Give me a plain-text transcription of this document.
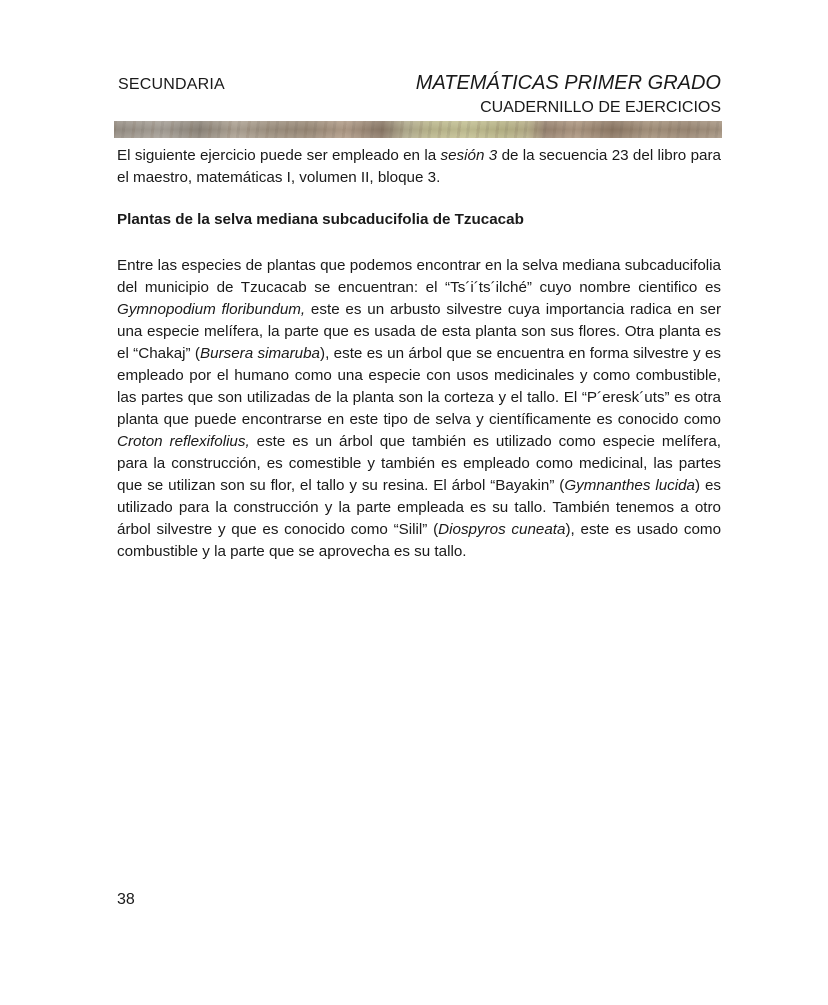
SECUNDARIA	MATEMÁTICAS PRIMER GRADO
CUADERNILLO DE EJERCICIOS
El siguiente ejercicio puede ser empleado en la sesión 3 de la secuencia 23 del libro para el maestro, matemáticas I, volumen II, bloque 3.
Plantas de la selva mediana subcaducifolia de Tzucacab
Entre las especies de plantas que podemos encontrar en la selva mediana subcaducifolia del municipio de Tzucacab se encuentran: el “Ts´i´ts´ilché” cuyo nombre cientifico es Gymnopodium floribundum, este es un arbusto silvestre cuya importancia radica en ser una especie melífera, la parte que es usada de esta planta son sus flores. Otra planta es el “Chakaj” (Bursera simaruba), este es un árbol que se encuentra en forma silvestre y es empleado por el humano como una especie con usos medicinales y como combustible, las partes que son utilizadas de la planta son la corteza y el tallo. El “P´eresk´uts” es otra planta que puede encontrarse en este tipo de selva y científicamente es conocido como Croton reflexifolius, este es un árbol que también es utilizado como especie melífera, para la construcción, es comestible y también es empleado como medicinal, las partes que se utilizan son su flor, el tallo y su resina. El árbol “Bayakin” (Gymnanthes lucida) es utilizado para la construcción y la parte empleada es su tallo. También tenemos a otro árbol silvestre y que es conocido como “Silil” (Diospyros cuneata), este es usado como combustible y la parte que se aprovecha es su tallo.
38
